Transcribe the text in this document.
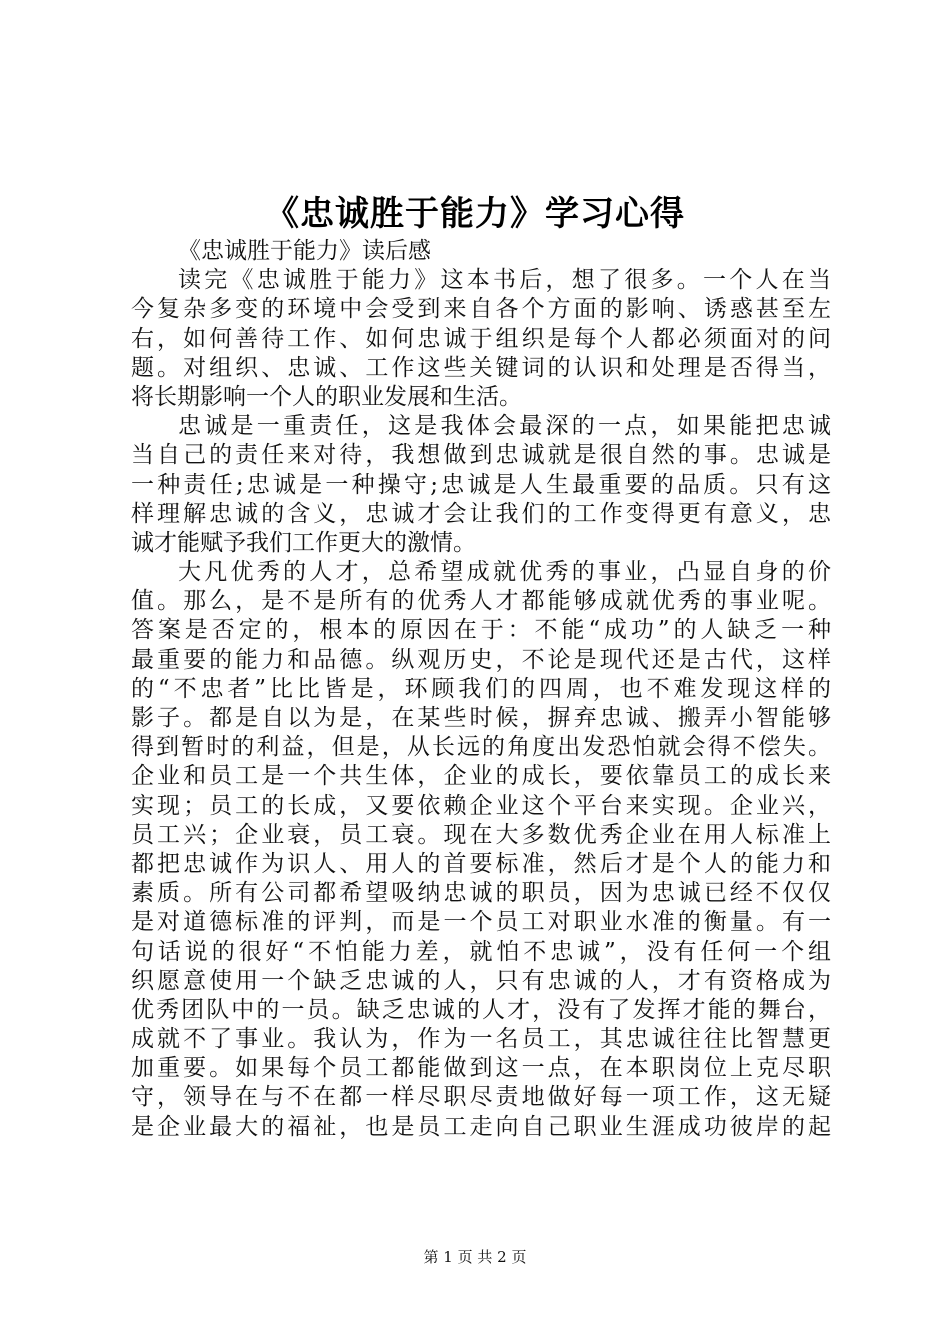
《忠诚胜于能力》学习心得
《忠诚胜于能力》读后感
读完《忠诚胜于能力》这本书后，想了很多。一个人在当
今复杂多变的环境中会受到来自各个方面的影响、诱惑甚至左
右，如何善待工作、如何忠诚于组织是每个人都必须面对的问
题。对组织、忠诚、工作这些关键词的认识和处理是否得当，
将长期影响一个人的职业发展和生活。
忠诚是一重责任，这是我体会最深的一点，如果能把忠诚
当自己的责任来对待，我想做到忠诚就是很自然的事。忠诚是
一种责任;忠诚是一种操守;忠诚是人生最重要的品质。只有这
样理解忠诚的含义，忠诚才会让我们的工作变得更有意义，忠
诚才能赋予我们工作更大的激情。
大凡优秀的人才，总希望成就优秀的事业，凸显自身的价
值。那么，是不是所有的优秀人才都能够成就优秀的事业呢。
答案是否定的，根本的原因在于：不能“成功”的人缺乏一种
最重要的能力和品德。纵观历史，不论是现代还是古代，这样
的“不忠者”比比皆是，环顾我们的四周，也不难发现这样的
影子。都是自以为是，在某些时候，摒弃忠诚、搬弄小智能够
得到暂时的利益，但是，从长远的角度出发恐怕就会得不偿失。
企业和员工是一个共生体，企业的成长，要依靠员工的成长来
实现；员工的长成，又要依赖企业这个平台来实现。企业兴，
员工兴；企业衰，员工衰。现在大多数优秀企业在用人标准上
都把忠诚作为识人、用人的首要标准，然后才是个人的能力和
素质。所有公司都希望吸纳忠诚的职员，因为忠诚已经不仅仅
是对道德标准的评判，而是一个员工对职业水准的衡量。有一
句话说的很好“不怕能力差，就怕不忠诚”，没有任何一个组
织愿意使用一个缺乏忠诚的人，只有忠诚的人，才有资格成为
优秀团队中的一员。缺乏忠诚的人才，没有了发挥才能的舞台，
成就不了事业。我认为，作为一名员工，其忠诚往往比智慧更
加重要。如果每个员工都能做到这一点，在本职岗位上克尽职
守，领导在与不在都一样尽职尽责地做好每一项工作，这无疑
是企业最大的福祉，也是员工走向自己职业生涯成功彼岸的起
第 1 页 共 2 页
